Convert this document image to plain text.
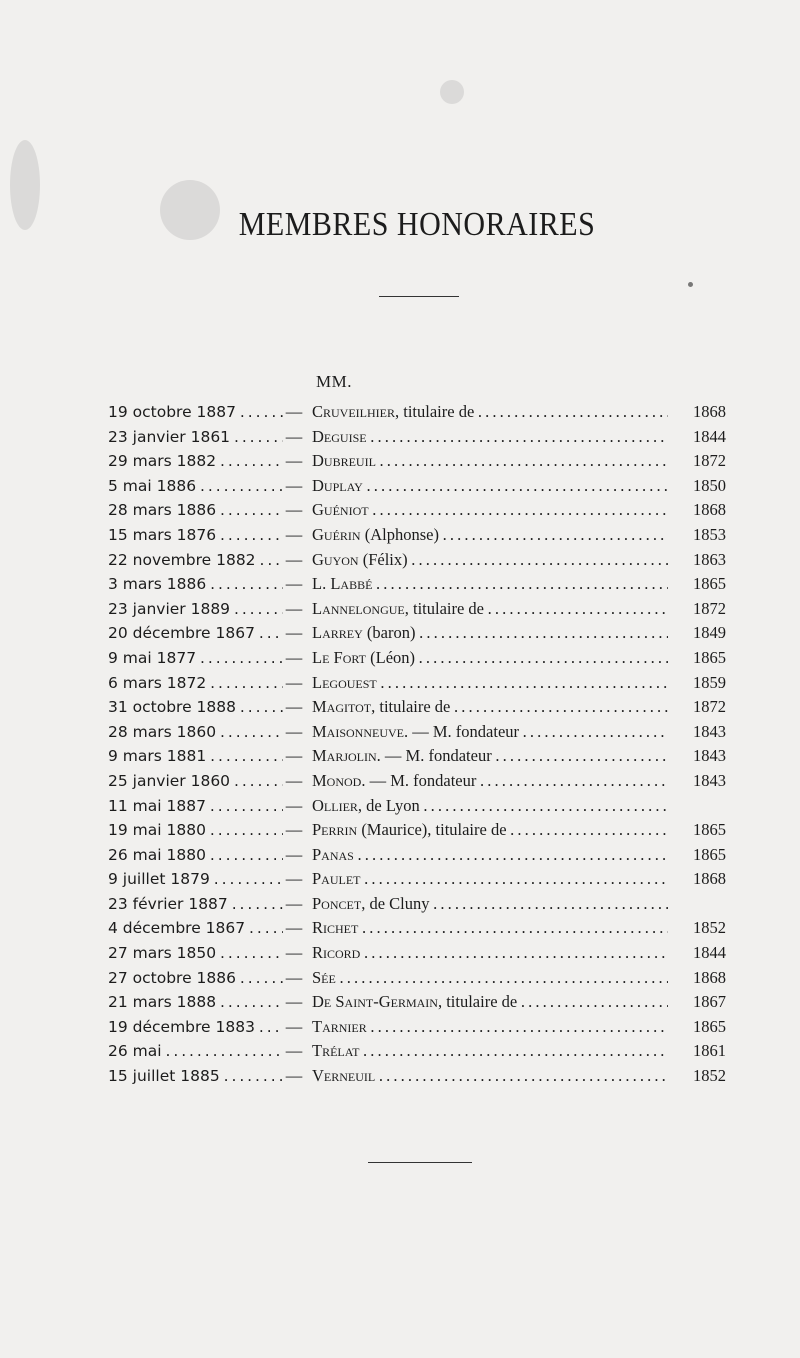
MEMBRES HONORAIRES
MM.
19 octobre 1887 . . .	— Cruveilhier, titulaire de . . .	1868
23 janvier 1861 . . .	— Deguise . . .	1844
29 mars 1882 . . .	— Dubreuil . . .	1872
5 mai 1886 . . .	— Duplay . . .	1850
28 mars 1886 . . .	— Guéniot . . .	1868
15 mars 1876 . . .	— Guérin (Alphonse) . . .	1853
22 novembre 1882 . . .	— Guyon (Félix) . . .	1863
3 mars 1886 . . .	— L. Labbé . . .	1865
23 janvier 1889 . . .	— Lannelongue, titulaire de . . .	1872
20 décembre 1867 . . .	— Larrey (baron) . . .	1849
9 mai 1877 . . .	— Le Fort (Léon) . . .	1865
6 mars 1872 . . .	— Legouest . . .	1859
31 octobre 1888 . . .	— Magitot, titulaire de . . .	1872
28 mars 1860 . . .	— Maisonneuve. — M. fondateur . . .	1843
9 mars 1881 . . .	— Marjolin. — M. fondateur . . .	1843
25 janvier 1860 . . .	— Monod. — M. fondateur . . .	1843
11 mai 1887 . . .	— Ollier, de Lyon . . .
19 mai 1880 . . .	— Perrin (Maurice), titulaire de . . .	1865
26 mai 1880 . . .	— Panas . . .	1865
9 juillet 1879 . . .	— Paulet . . .	1868
23 février 1887 . . .	— Poncet, de Cluny . . .
4 décembre 1867 . . .	— Richet . . .	1852
27 mars 1850 . . .	— Ricord . . .	1844
27 octobre 1886 . . .	— Sée . . .	1868
21 mars 1888 . . .	— De Saint-Germain, titulaire de . . .	1867
19 décembre 1883 . . .	— Tarnier . . .	1865
26 mai . . .	— Trélat . . .	1861
15 juillet 1885 . . .	— Verneuil . . .	1852
